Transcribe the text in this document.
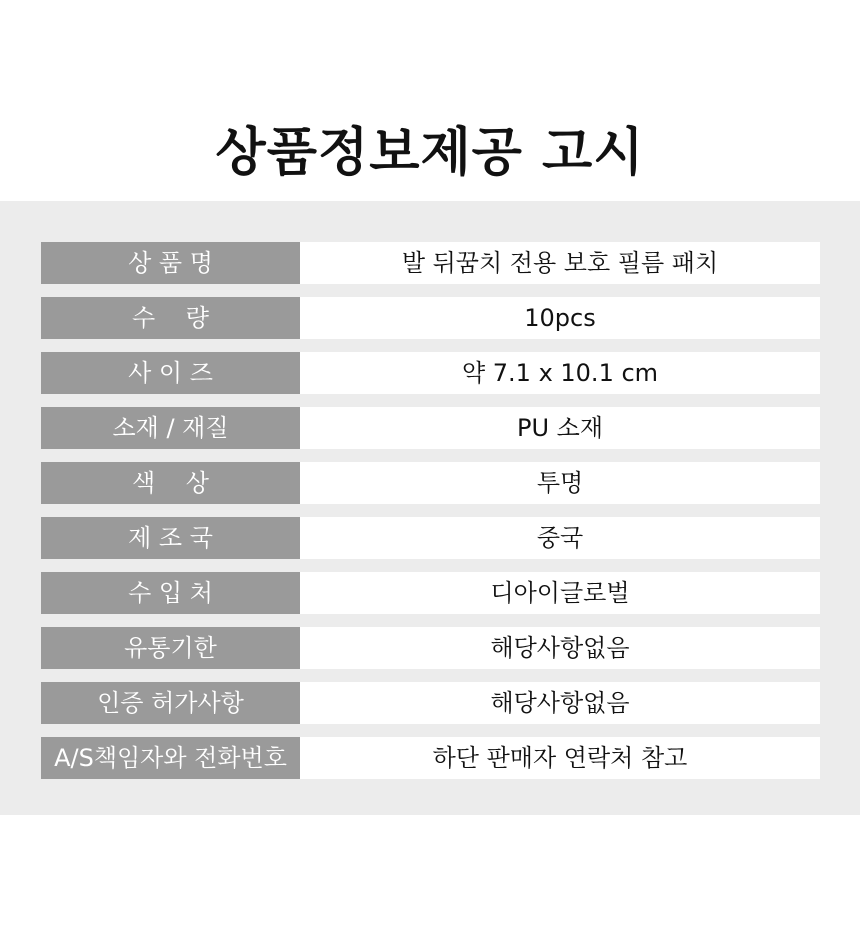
상품정보제공 고시
상 품 명	발 뒤꿈치 전용 보호 필름 패치
수    량	10pcs
사 이 즈	약 7.1 x 10.1 cm
소재 / 재질	PU 소재
색    상	투명
제 조 국	중국
수 입 처	디아이글로벌
유통기한	해당사항없음
인증 허가사항	해당사항없음
A/S책임자와 전화번호	하단 판매자 연락처 참고
